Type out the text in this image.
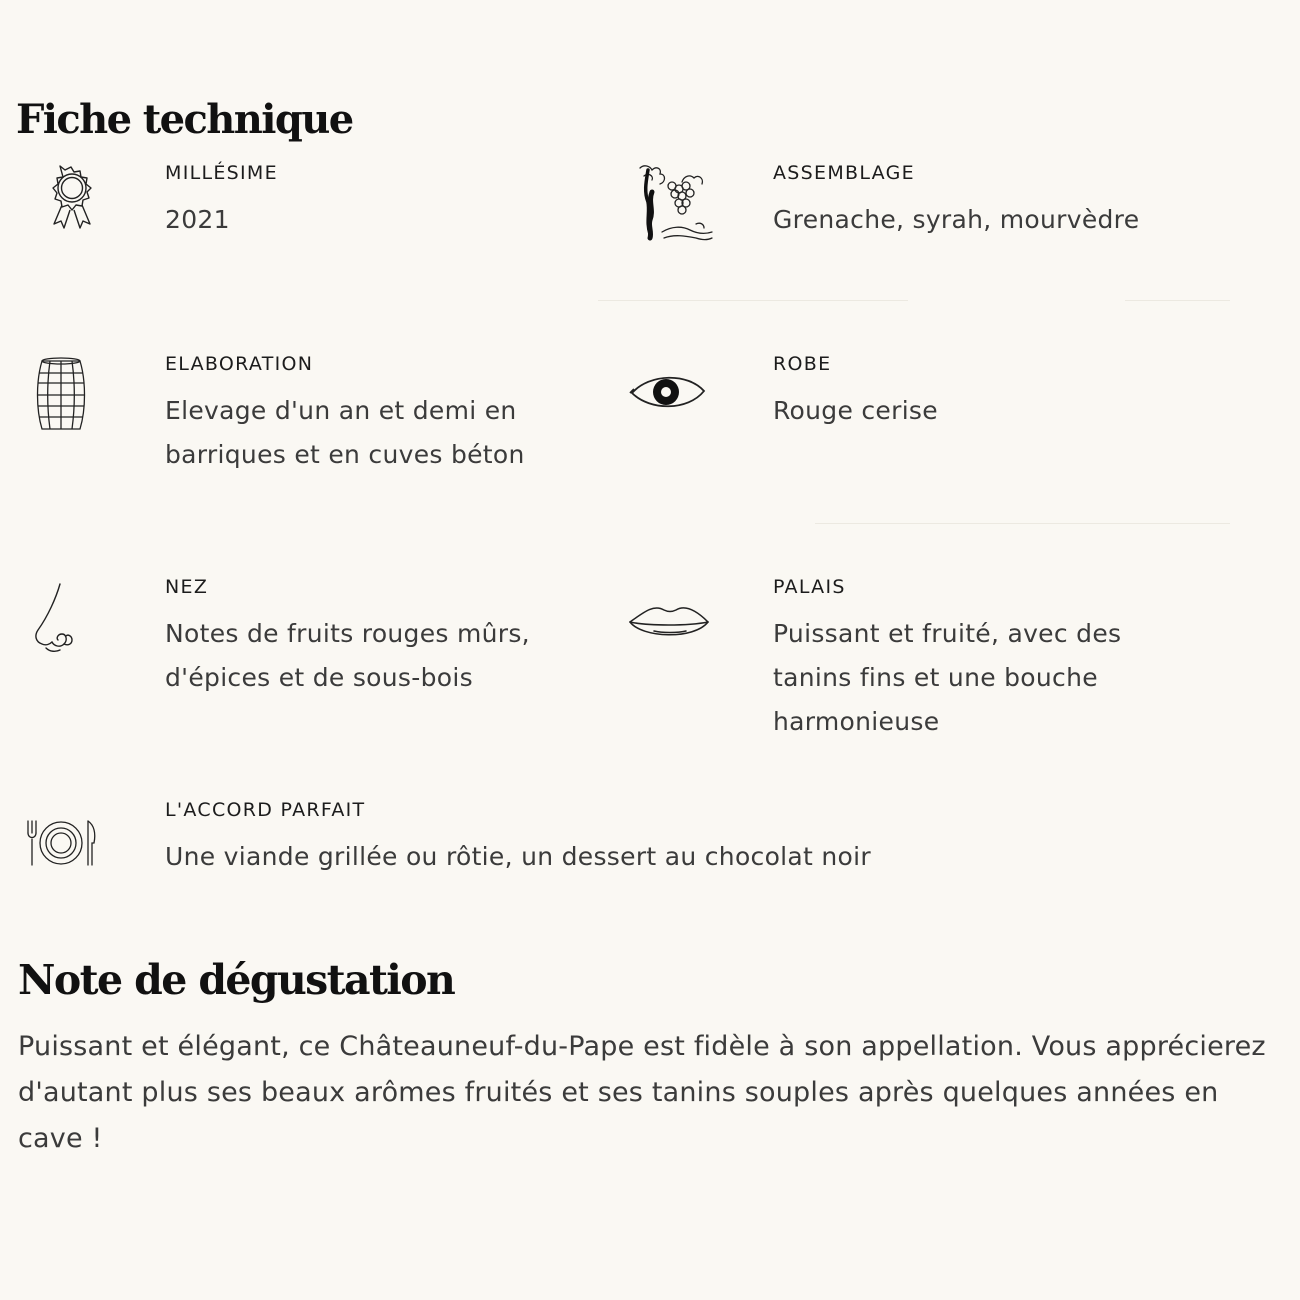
Fiche technique
MILLÉSIME
2021
ASSEMBLAGE
Grenache, syrah, mourvèdre
ELABORATION
Elevage d'un an et demi en barriques et en cuves béton
ROBE
Rouge cerise
NEZ
Notes de fruits rouges mûrs, d'épices et de sous-bois
PALAIS
Puissant et fruité, avec des tanins fins et une bouche harmonieuse
L'ACCORD PARFAIT
Une viande grillée ou rôtie, un dessert au chocolat noir
Note de dégustation

Puissant et élégant, ce Châteauneuf-du-Pape est fidèle à son appellation. Vous apprécierez d'autant plus ses beaux arômes fruités et ses tanins souples après quelques années en cave !
